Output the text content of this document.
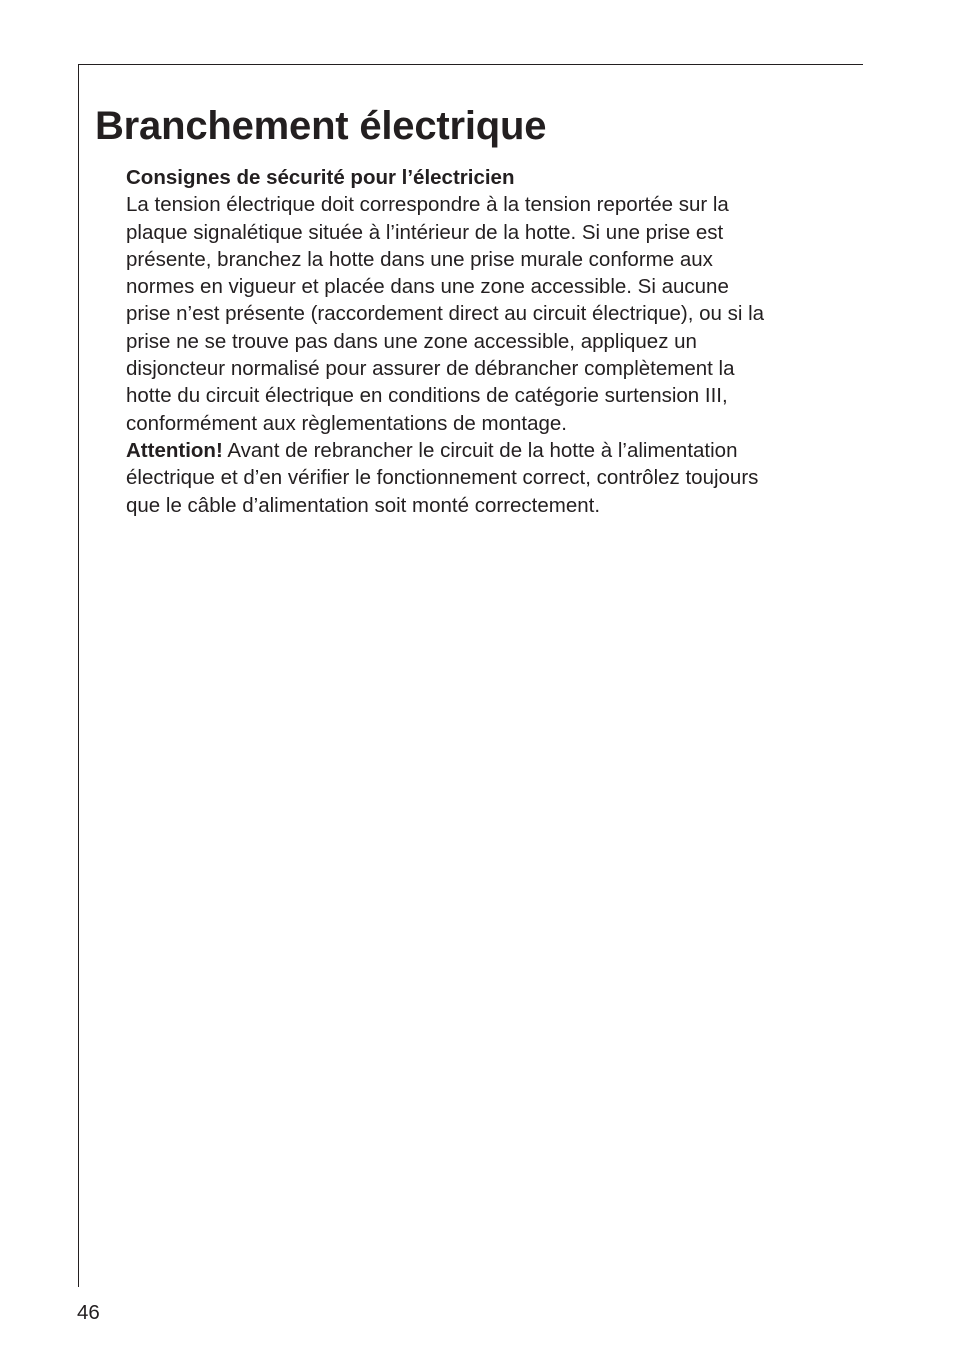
Branchement électrique

Consignes de sécurité pour l’électricien

La tension électrique doit correspondre à la tension reportée sur la
plaque signalétique située à l’intérieur de la hotte. Si une prise est
présente, branchez la hotte dans une prise murale conforme aux
normes en vigueur et placée dans une zone accessible. Si aucune
prise n’est présente (raccordement direct au circuit électrique), ou si la
prise ne se trouve pas dans une zone accessible, appliquez un
disjoncteur normalisé pour assurer de débrancher complètement la
hotte du circuit électrique en conditions de catégorie surtension III,
conformément aux règlementations de montage.

Attention! Avant de rebrancher le circuit de la hotte à l’alimentation
électrique et d’en vérifier le fonctionnement correct, contrôlez toujours
que le câble d’alimentation soit monté correctement.

46
